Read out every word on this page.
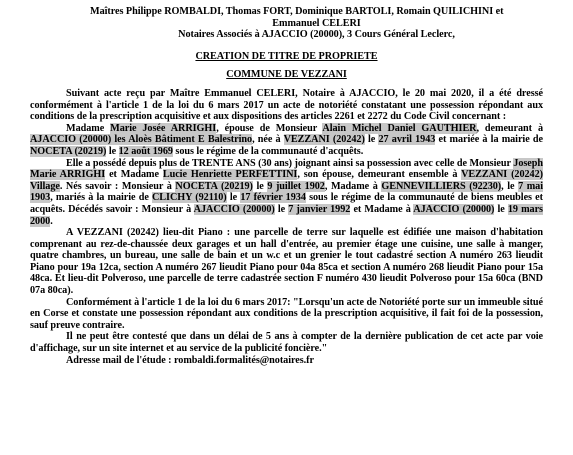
Maîtres Philippe ROMBALDI, Thomas FORT, Dominique BARTOLI, Romain QUILICHINI et
Emmanuel CELERI
Notaires Associés à AJACCIO (20000), 3 Cours Général Leclerc,
CREATION DE TITRE DE PROPRIETE
COMMUNE DE VEZZANI

Suivant acte reçu par Maître Emmanuel CELERI, Notaire à AJACCIO, le 20 mai 2020, il a été dressé conformément à l'article 1 de la loi du 6 mars 2017 un acte de notoriété constatant une possession répondant aux conditions de la prescription acquisitive et aux dispositions des articles 2261 et 2272 du Code Civil concernant :

Madame Marie Josée ARRIGHI, épouse de Monsieur Alain Michel Daniel GAUTHIER, demeurant à AJACCIO (20000) les Aloès Bâtiment E Balestrino, née à VEZZANI (20242) le 27 avril 1943 et mariée à la mairie de NOCETA (20219) le 12 août 1969 sous le régime de la communauté d'acquêts.

Elle a possédé depuis plus de TRENTE ANS (30 ans) joignant ainsi sa possession avec celle de Monsieur Joseph Marie ARRIGHI et Madame Lucie Henriette PERFETTINI, son épouse, demeurant ensemble à VEZZANI (20242) Village. Nés savoir : Monsieur à NOCETA (20219) le 9 juillet 1902, Madame à GENNEVILLIERS (92230), le 7 mai 1903, mariés à la mairie de CLICHY (92110) le 17 février 1934 sous le régime de la communauté de biens meubles et acquêts. Décédés savoir : Monsieur à AJACCIO (20000) le 7 janvier 1992 et Madame à AJACCIO (20000) le 19 mars 2000.

A VEZZANI (20242) lieu-dit Piano : une parcelle de terre sur laquelle est édifiée une maison d'habitation comprenant au rez-de-chaussée deux garages et un hall d'entrée, au premier étage une cuisine, une salle à manger, quatre chambres, un bureau, une salle de bain et un w.c et un grenier le tout cadastré section A numéro 263 lieudit Piano pour 19a 12ca, section A numéro 267 lieudit Piano pour 04a 85ca et section A numéro 268 lieudit Piano pour 15a 48ca. Et lieu-dit Polveroso, une parcelle de terre cadastrée section F numéro 430 lieudit Polveroso pour 15a 60ca (BND 07a 80ca).

Conformément à l'article 1 de la loi du 6 mars 2017: "Lorsqu'un acte de Notoriété porte sur un immeuble situé en Corse et constate une possession répondant aux conditions de la prescription acquisitive, il fait foi de la possession, sauf preuve contraire.

Il ne peut être contesté que dans un délai de 5 ans à compter de la dernière publication de cet acte par voie d'affichage, sur un site internet et au service de la publicité foncière."

Adresse mail de l'étude : rombaldi.formalités@notaires.fr
